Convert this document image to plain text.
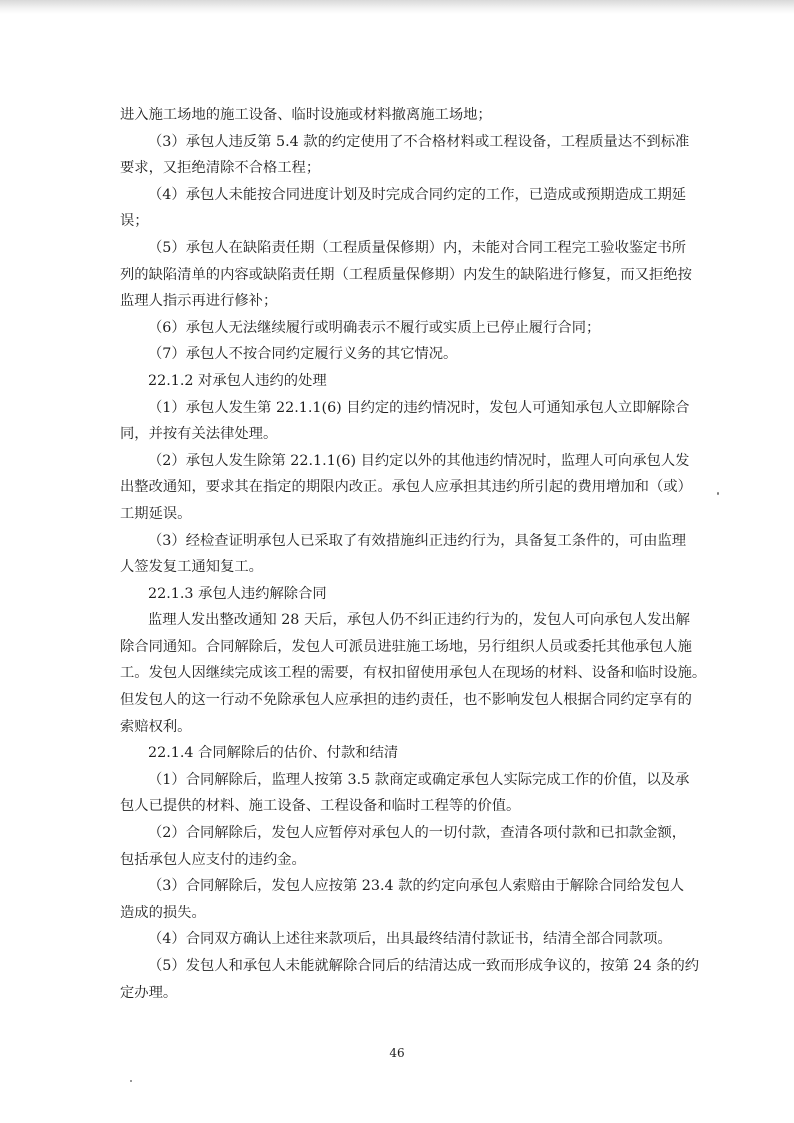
进入施工场地的施工设备、临时设施或材料撤离施工场地；

（3）承包人违反第 5.4 款的约定使用了不合格材料或工程设备，工程质量达不到标准

要求，又拒绝清除不合格工程；

（4）承包人未能按合同进度计划及时完成合同约定的工作，已造成或预期造成工期延

误；

（5）承包人在缺陷责任期（工程质量保修期）内，未能对合同工程完工验收鉴定书所

列的缺陷清单的内容或缺陷责任期（工程质量保修期）内发生的缺陷进行修复，而又拒绝按

监理人指示再进行修补；

（6）承包人无法继续履行或明确表示不履行或实质上已停止履行合同；

（7）承包人不按合同约定履行义务的其它情况。

22.1.2 对承包人违约的处理

（1）承包人发生第 22.1.1(6) 目约定的违约情况时，发包人可通知承包人立即解除合

同，并按有关法律处理。

（2）承包人发生除第 22.1.1(6) 目约定以外的其他违约情况时，监理人可向承包人发

出整改通知，要求其在指定的期限内改正。承包人应承担其违约所引起的费用增加和（或）

工期延误。

（3）经检查证明承包人已采取了有效措施纠正违约行为，具备复工条件的，可由监理

人签发复工通知复工。

22.1.3 承包人违约解除合同

监理人发出整改通知 28 天后，承包人仍不纠正违约行为的，发包人可向承包人发出解

除合同通知。合同解除后，发包人可派员进驻施工场地，另行组织人员或委托其他承包人施

工。发包人因继续完成该工程的需要，有权扣留使用承包人在现场的材料、设备和临时设施。

但发包人的这一行动不免除承包人应承担的违约责任，也不影响发包人根据合同约定享有的

索赔权利。

22.1.4 合同解除后的估价、付款和结清

（1）合同解除后，监理人按第 3.5 款商定或确定承包人实际完成工作的价值，以及承

包人已提供的材料、施工设备、工程设备和临时工程等的价值。

（2）合同解除后，发包人应暂停对承包人的一切付款，查清各项付款和已扣款金额，

包括承包人应支付的违约金。

（3）合同解除后，发包人应按第 23.4 款的约定向承包人索赔由于解除合同给发包人

造成的损失。

（4）合同双方确认上述往来款项后，出具最终结清付款证书，结清全部合同款项。

（5）发包人和承包人未能就解除合同后的结清达成一致而形成争议的，按第 24 条的约

定办理。

46
